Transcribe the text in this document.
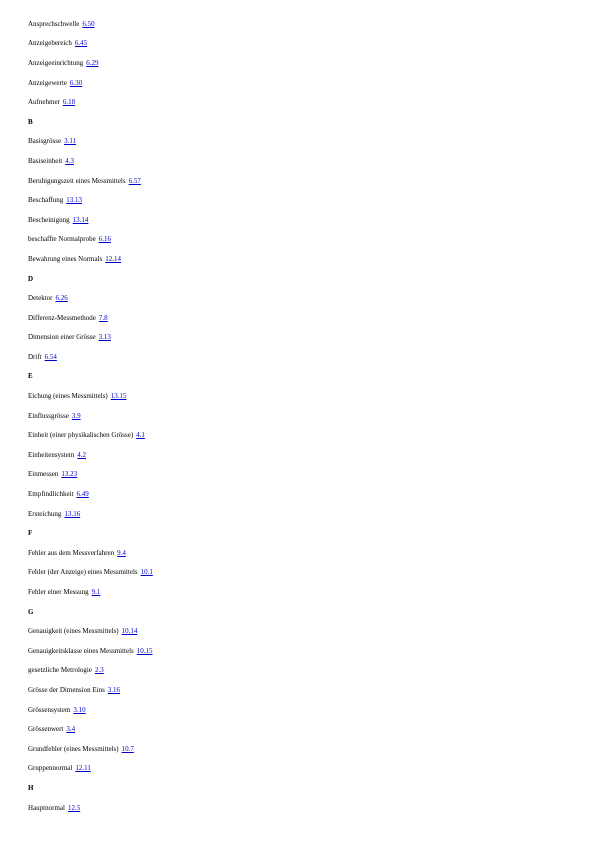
Ansprechschwelle 6.50
Anzeigebereich 6.45
Anzeigeeinrichtung 6.29
Anzeigewerte 6.30
Aufnehmer 6.18
B
Basisgrösse 3.11
Basiseinheit 4.3
Beruhigungszeit eines Messmittels 6.57
Beschaffung 13.13
Bescheinigung 13.14
beschaffte Normalprobe 6.16
Bewahrung eines Normals 12.14
D
Detektor 6.26
Differenz-Messmethode 7.8
Dimension einer Grösse 3.13
Drift 6.54
E
Eichung (eines Messmittels) 13.15
Einflussgrösse 3.9
Einheit (einer physikalischen Grösse) 4.1
Einheitensystem 4.2
Einmessen 13.23
Empfindlichkeit 6.49
Ersteichung 13.16
F
Fehler aus dem Messverfahren 9.4
Fehler (der Anzeige) eines Messmittels 10.1
Fehler einer Messung 9.1
G
Genauigkeit (eines Messmittels) 10.14
Genauigkeitsklasse eines Messmittels 10.15
gesetzliche Metrologie 2.3
Grösse der Dimension Eins 3.16
Grössensystem 3.10
Grössenwert 3.4
Grundfehler (eines Messmittels) 10.7
Gruppennormal 12.11
H
Hauptnormal 12.5
